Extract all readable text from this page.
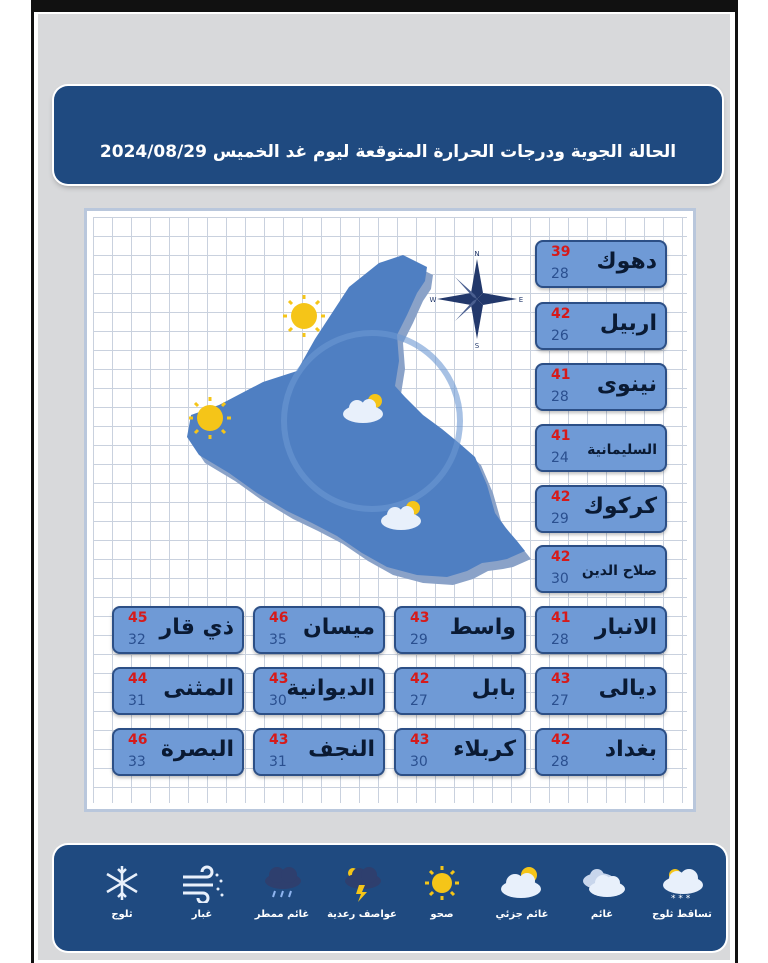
الحالة الجوية ودرجات الحرارة المتوقعة ليوم غد الخميس 2024/08/29
N
S
W	E
39
28 دهوك
42
26 اربيل
41
28 نينوى
41
24 السليمانية
42
29 كركوك
42
30 صلاح الدين
41
28 الانبار
43
29 واسط
46
35 ميسان
45
32 ذي قار
43
27 ديالى
42
27 بابل
43
30 الديوانية
44
31 المثنى
42
28 بغداد
43
30 كربلاء
43
31 النجف
46
33 البصرة
* * *
تساقط ثلوج
غائم
غائم جزئي
صحو
عواصف رعدية
غائم ممطر
غبار
ثلوج
